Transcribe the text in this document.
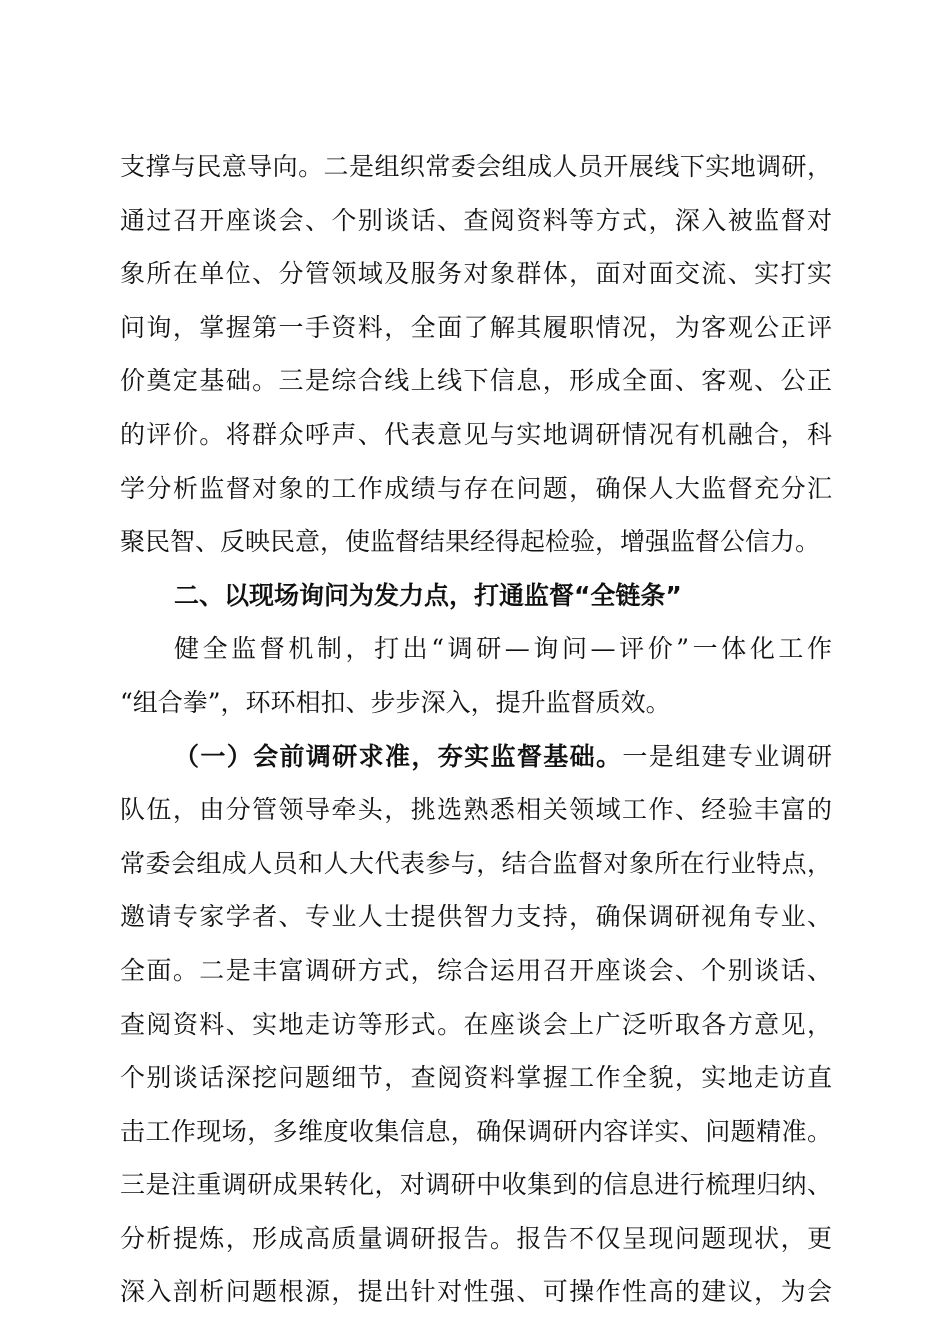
支撑与民意导向。二是组织常委会组成人员开展线下实地调研，
通过召开座谈会、个别谈话、查阅资料等方式，深入被监督对
象所在单位、分管领域及服务对象群体，面对面交流、实打实
问询，掌握第一手资料，全面了解其履职情况，为客观公正评
价奠定基础。三是综合线上线下信息，形成全面、客观、公正
的评价。将群众呼声、代表意见与实地调研情况有机融合，科
学分析监督对象的工作成绩与存在问题，确保人大监督充分汇
聚民智、反映民意，使监督结果经得起检验，增强监督公信力。
二、以现场询问为发力点，打通监督“全链条”
健全监督机制，打出“调研—询问—评价”一体化工作
“组合拳”，环环相扣、步步深入，提升监督质效。
（一）会前调研求准，夯实监督基础。一是组建专业调研
队伍，由分管领导牵头，挑选熟悉相关领域工作、经验丰富的
常委会组成人员和人大代表参与，结合监督对象所在行业特点，
邀请专家学者、专业人士提供智力支持，确保调研视角专业、
全面。二是丰富调研方式，综合运用召开座谈会、个别谈话、
查阅资料、实地走访等形式。在座谈会上广泛听取各方意见，
个别谈话深挖问题细节，查阅资料掌握工作全貌，实地走访直
击工作现场，多维度收集信息，确保调研内容详实、问题精准。
三是注重调研成果转化，对调研中收集到的信息进行梳理归纳、
分析提炼，形成高质量调研报告。报告不仅呈现问题现状，更
深入剖析问题根源，提出针对性强、可操作性高的建议，为会
